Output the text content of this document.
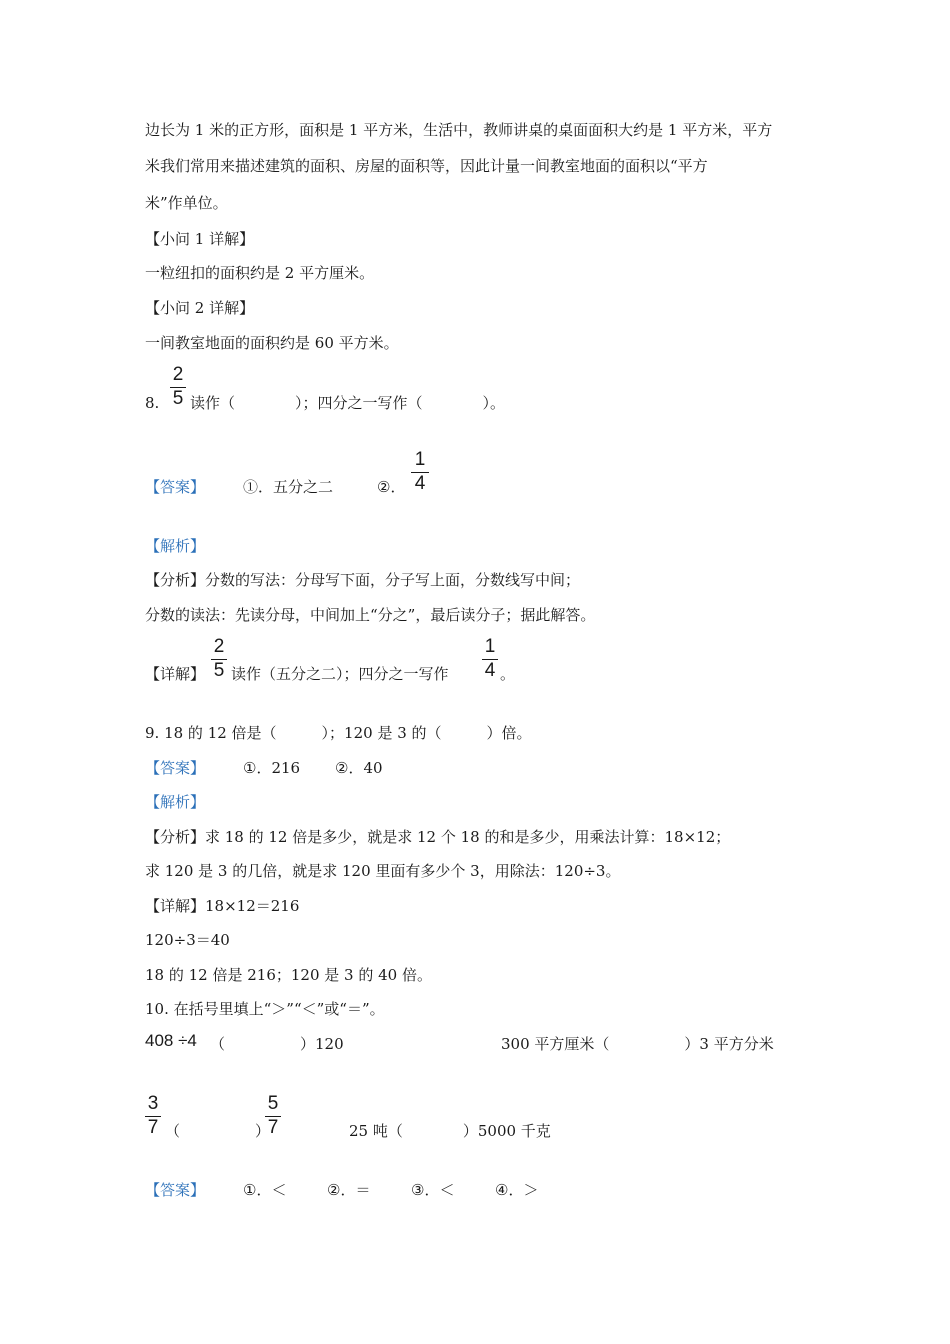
边长为 1 米的正方形，面积是 1 平方米，生活中，教师讲桌的桌面面积大约是 1 平方米，平方
米我们常用来描述建筑的面积、房屋的面积等，因此计量一间教室地面的面积以“平方
米”作单位。
【小问 1 详解】
一粒纽扣的面积约是 2 平方厘米。
【小问 2 详解】
一间教室地面的面积约是 60 平方米。
8.
2
5 读作（　　　　）；四分之一写作（　　　　）。
【答案】	①．五分之二	②．
1
4
【解析】
【分析】分数的写法：分母写下面，分子写上面，分数线写中间；
分数的读法：先读分母，中间加上“分之”，最后读分子；据此解答。
【详解】
2
5 读作（五分之二）；四分之一写作
1
4 。
9. 18 的 12 倍是（　　　）；120 是 3 的（　　　）倍。
【答案】	①．216 ②．40
【解析】
【分析】求 18 的 12 倍是多少，就是求 12 个 18 的和是多少，用乘法计算：18×12；
求 120 是 3 的几倍，就是求 120 里面有多少个 3，用除法：120÷3。
【详解】18×12＝216
120÷3＝40
18 的 12 倍是 216；120 是 3 的 40 倍。
10. 在括号里填上“＞”“＜”或“＝”。
408 ÷4 （　　　　　）120	300 平方厘米（　　　　　）3 平方分米
3
7 （　　　　　）
5
7	25 吨（　　　　）5000 千克
【答案】	①．＜	②．＝	③．＜	④．＞
